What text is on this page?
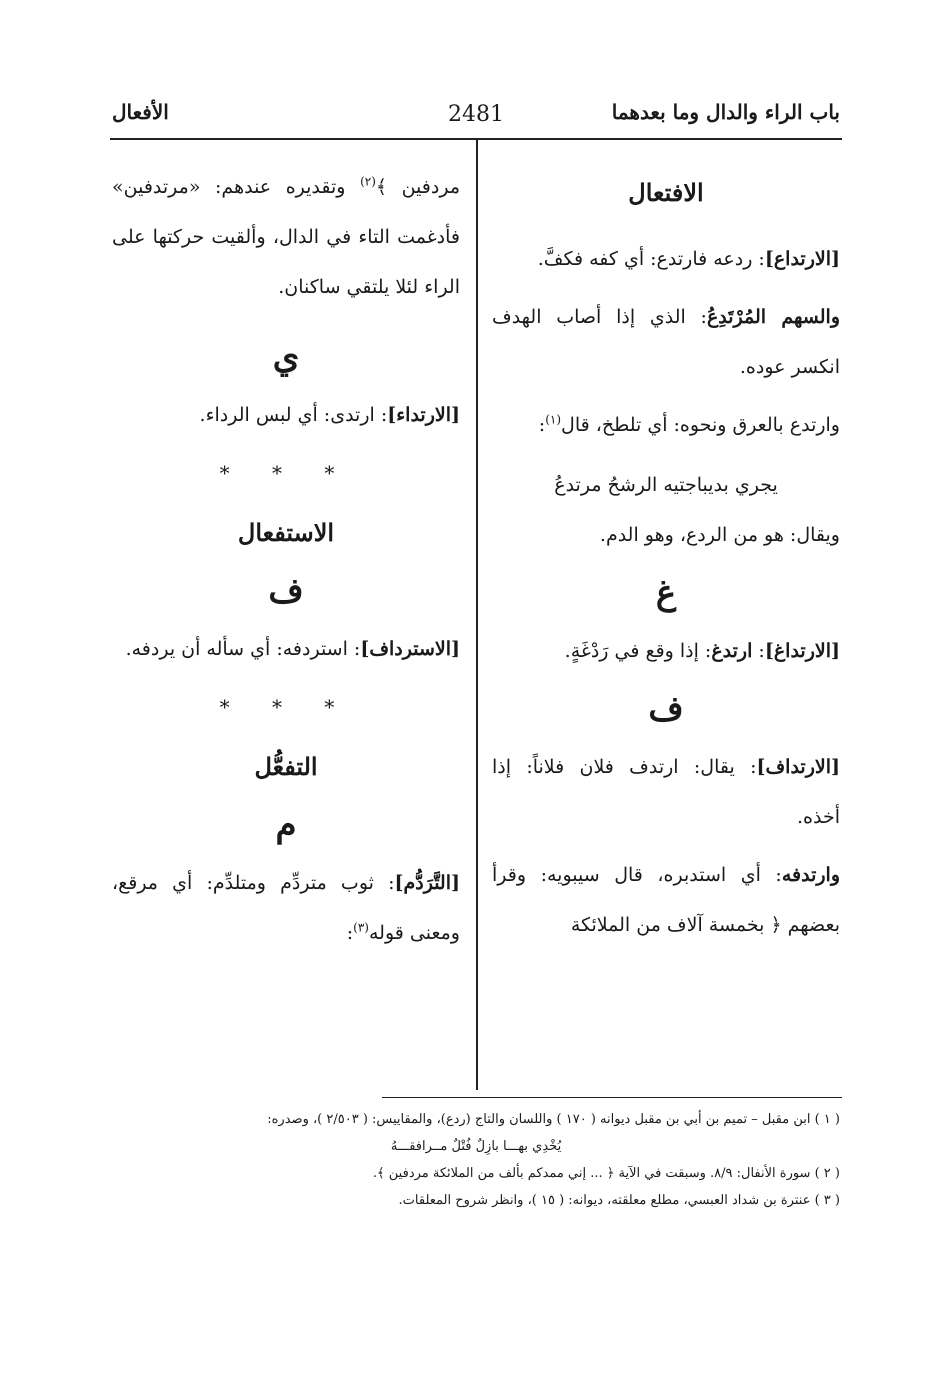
باب الراء والدال وما بعدهما
2481
الأفعال

الافتعال

[الارتداع]: ردعه فارتدع: أي كفه فكفَّ.

والسهم المُرْتَدِعُ: الذي إذا أصاب الهدف انكسر عوده.

وارتدع بالعرق ونحوه: أي تلطخ، قال$^{(١)}$:

يجري بديباجتيه الرشحُ مرتدعُ

ويقال: هو من الردع، وهو الدم.

غ

[الارتداغ]: ارتدغ: إذا وقع في رَدْغَةٍ.

ف

[الارتداف]: يقال: ارتدف فلان فلاناً: إذا أخذه.

وارتدفه: أي استدبره، قال سيبويه: وقرأ بعضهم ﴿ بخمسة آلاف من الملائكة

مردفين ﴾$^{(٢)}$ وتقديره عندهم: «مرتدفين» فأدغمت التاء في الدال، وألقيت حركتها على الراء لئلا يلتقي ساكنان.

ي

[الارتداء]: ارتدى: أي لبس الرداء.

* * *

الاستفعال

ف

[الاسترداف]: استردفه: أي سأله أن يردفه.

* * *

التفعُّل

م

[التَّرَدُّم]: ثوب متردِّم ومتلدِّم: أي مرقع، ومعنى قوله$^{(٣)}$:

( ١ ) ابن مقبل – تميم بن أبي بن مقبل ديوانه ( ١٧٠ ) واللسان والتاج (ردع)، والمقاييس: ( ٢/٥٠٣ )، وصدره:

يُخْدِي بهـــا بازِلٌ فُتْلٌ مــرافقـــهُ

( ٢ ) سورة الأنفال: ٨/٩. وسبقت في الآية ﴿ ... إني ممدكم بألف من الملائكة مردفين ﴾.

( ٣ ) عنترة بن شداد العبسي، مطلع معلقته، ديوانه: ( ١٥ )، وانظر شروح المعلقات.
